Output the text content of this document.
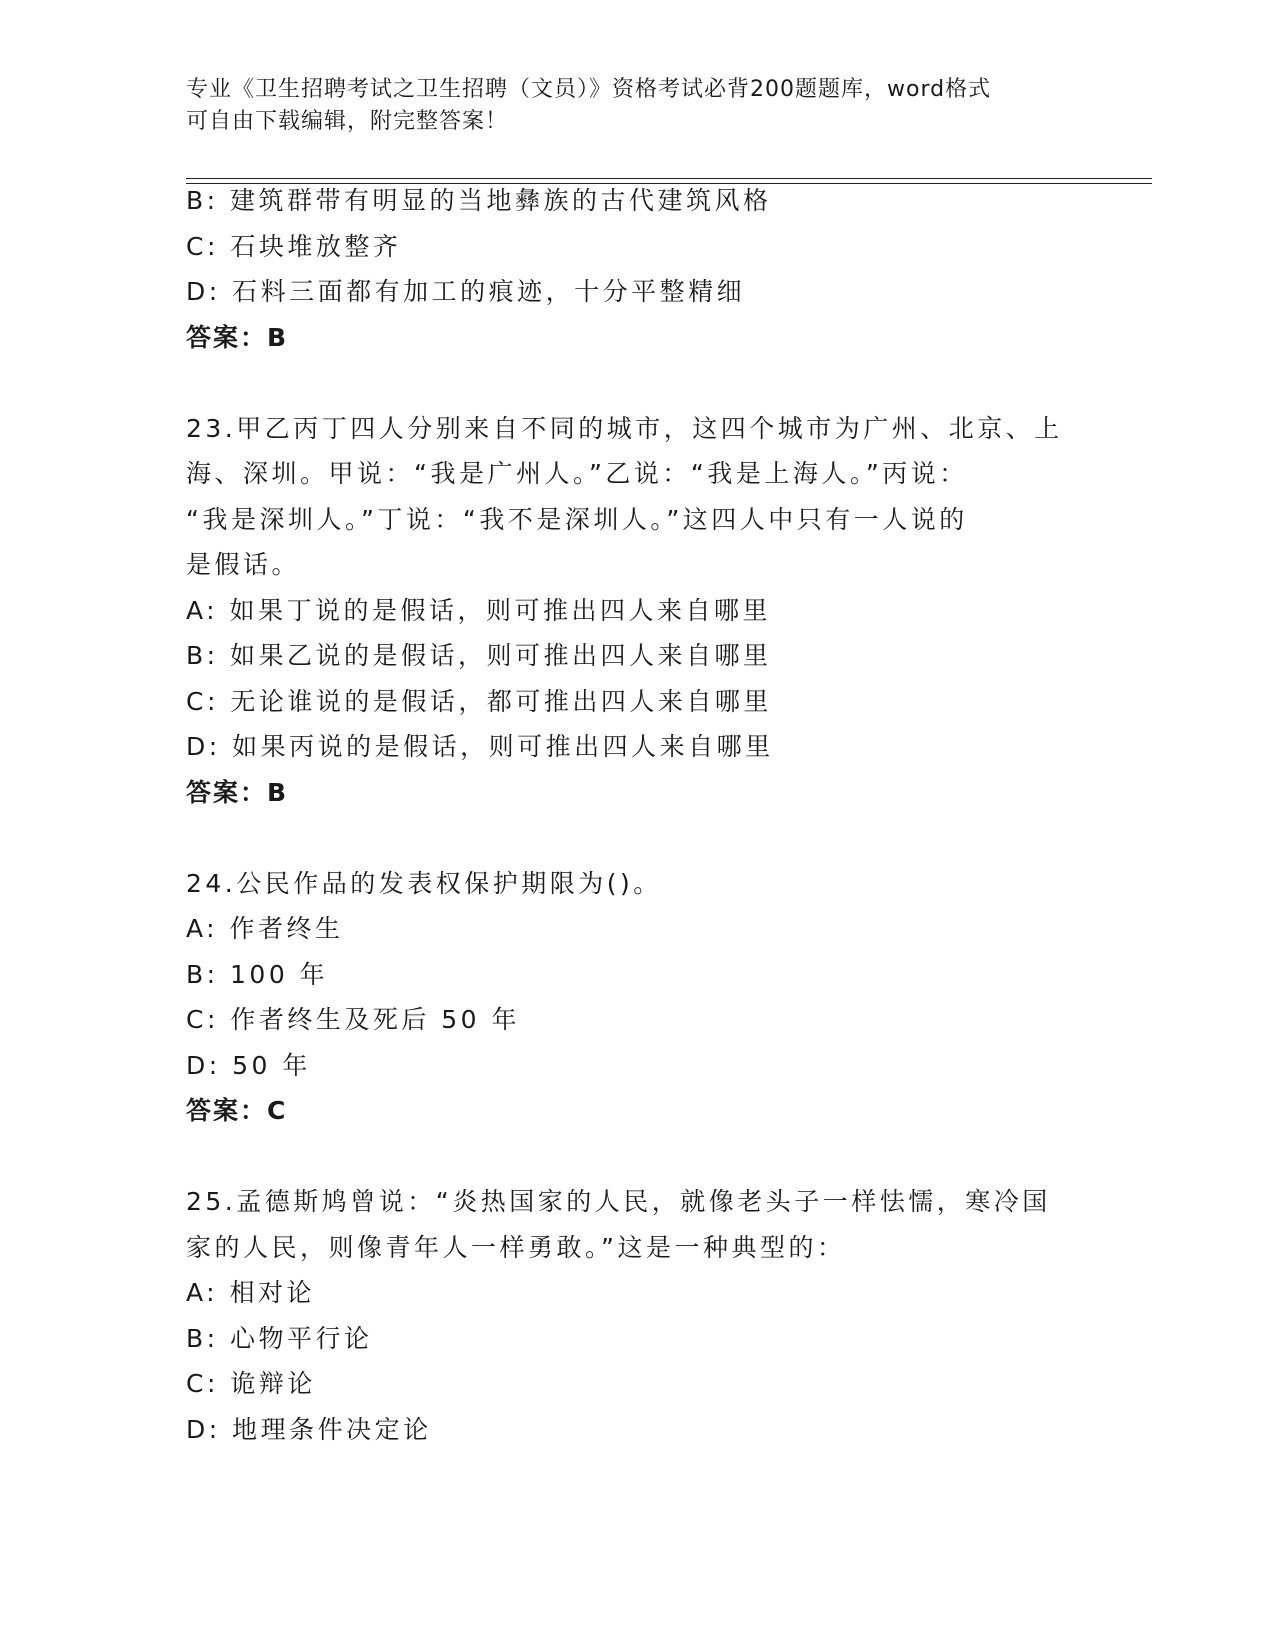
专业《卫生招聘考试之卫生招聘（文员）》资格考试必背200题题库，word格式
可自由下载编辑，附完整答案！
B: 建筑群带有明显的当地彝族的古代建筑风格
C: 石块堆放整齐
D: 石料三面都有加工的痕迹，十分平整精细
答案：B
23.甲乙丙丁四人分别来自不同的城市，这四个城市为广州、北京、上
海、深圳。甲说：“我是广州人。”乙说：“我是上海人。”丙说：
“我是深圳人。”丁说：“我不是深圳人。”这四人中只有一人说的
是假话。
A: 如果丁说的是假话，则可推出四人来自哪里
B: 如果乙说的是假话，则可推出四人来自哪里
C: 无论谁说的是假话，都可推出四人来自哪里
D: 如果丙说的是假话，则可推出四人来自哪里
答案：B
24.公民作品的发表权保护期限为()。
A: 作者终生
B: 100 年
C: 作者终生及死后 50 年
D: 50 年
答案：C
25.孟德斯鸠曾说：“炎热国家的人民，就像老头子一样怯懦，寒冷国
家的人民，则像青年人一样勇敢。”这是一种典型的：
A: 相对论
B: 心物平行论
C: 诡辩论
D: 地理条件决定论
